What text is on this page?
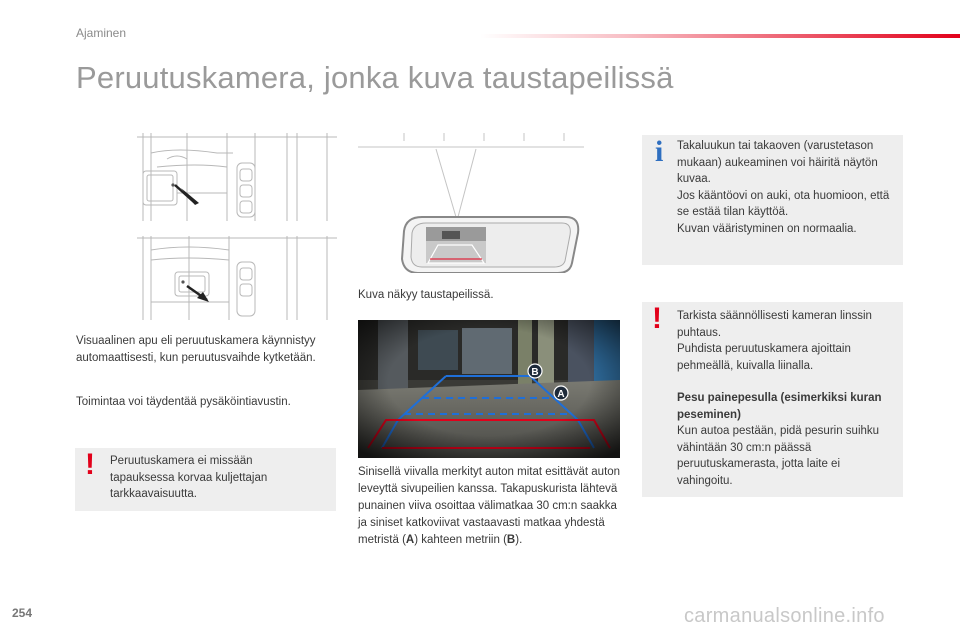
Ajaminen
Peruutuskamera, jonka kuva taustapeilissä
Visuaalinen apu eli peruutuskamera käynnistyy automaattisesti, kun peruutusvaihde kytketään.
Toimintaa voi täydentää pysäköintiavustin.
! Peruutuskamera ei missään tapauksessa korvaa kuljettajan tarkkaavaisuutta.
Kuva näkyy taustapeilissä.
B
A
Sinisellä viivalla merkityt auton mitat esittävät auton leveyttä sivupeilien kanssa. Takapuskurista lähtevä punainen viiva osoittaa välimatkaa 30 cm:n saakka ja siniset katkoviivat vastaavasti matkaa yhdestä metristä (A) kahteen metriin (B).
i Takaluukun tai takaoven (varustetason mukaan) aukeaminen voi häiritä näytön kuvaa.

Jos kääntöovi on auki, ota huomioon, että se estää tilan käyttöä.

Kuvan vääristyminen on normaalia.

! Tarkista säännöllisesti kameran linssin puhtaus.

Puhdista peruutuskamera ajoittain pehmeällä, kuivalla liinalla.

Pesu painepesulla (esimerkiksi kuran peseminen)

Kun autoa pestään, pidä pesurin suihku vähintään 30 cm:n päässä peruutuskamerasta, jotta laite ei vahingoitu.

254	carmanualsonline.info
